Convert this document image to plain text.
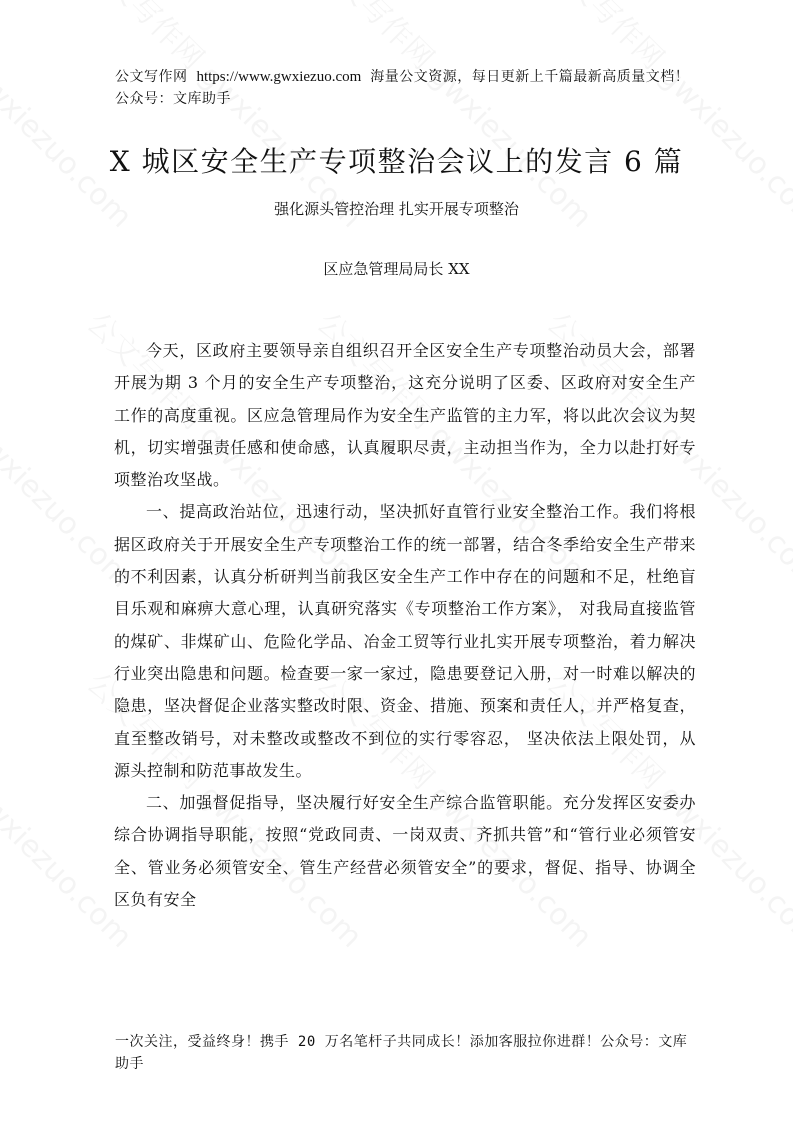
公文写作网 https://www.gwxiezuo.com 海量公文资源，每日更新上千篇最新高质量文档！ 公众号：文库助手
X 城区安全生产专项整治会议上的发言 6 篇
强化源头管控治理 扎实开展专项整治
区应急管理局局长 XX

今天，区政府主要领导亲自组织召开全区安全生产专项整治动员大会，部署开展为期 3 个月的安全生产专项整治，这充分说明了区委、区政府对安全生产工作的高度重视。区应急管理局作为安全生产监管的主力军，将以此次会议为契机，切实增强责任感和使命感，认真履职尽责，主动担当作为，全力以赴打好专项整治攻坚战。

一、提高政治站位，迅速行动，坚决抓好直管行业安全整治工作。我们将根据区政府关于开展安全生产专项整治工作的统一部署，结合冬季给安全生产带来的不利因素，认真分析研判当前我区安全生产工作中存在的问题和不足，杜绝盲目乐观和麻痹大意心理，认真研究落实《专项整治工作方案》， 对我局直接监管的煤矿、非煤矿山、危险化学品、冶金工贸等行业扎实开展专项整治，着力解决行业突出隐患和问题。检查要一家一家过，隐患要登记入册，对一时难以解决的隐患，坚决督促企业落实整改时限、资金、措施、预案和责任人，并严格复查，直至整改销号，对未整改或整改不到位的实行零容忍， 坚决依法上限处罚，从源头控制和防范事故发生。

二、加强督促指导，坚决履行好安全生产综合监管职能。充分发挥区安委办综合协调指导职能，按照“党政同责、一岗双责、齐抓共管”和“管行业必须管安全、管业务必须管安全、管生产经营必须管安全”的要求，督促、指导、协调全区负有安全

一次关注，受益终身！携手 20 万名笔杆子共同成长！添加客服拉你进群！公众号：文库助手
